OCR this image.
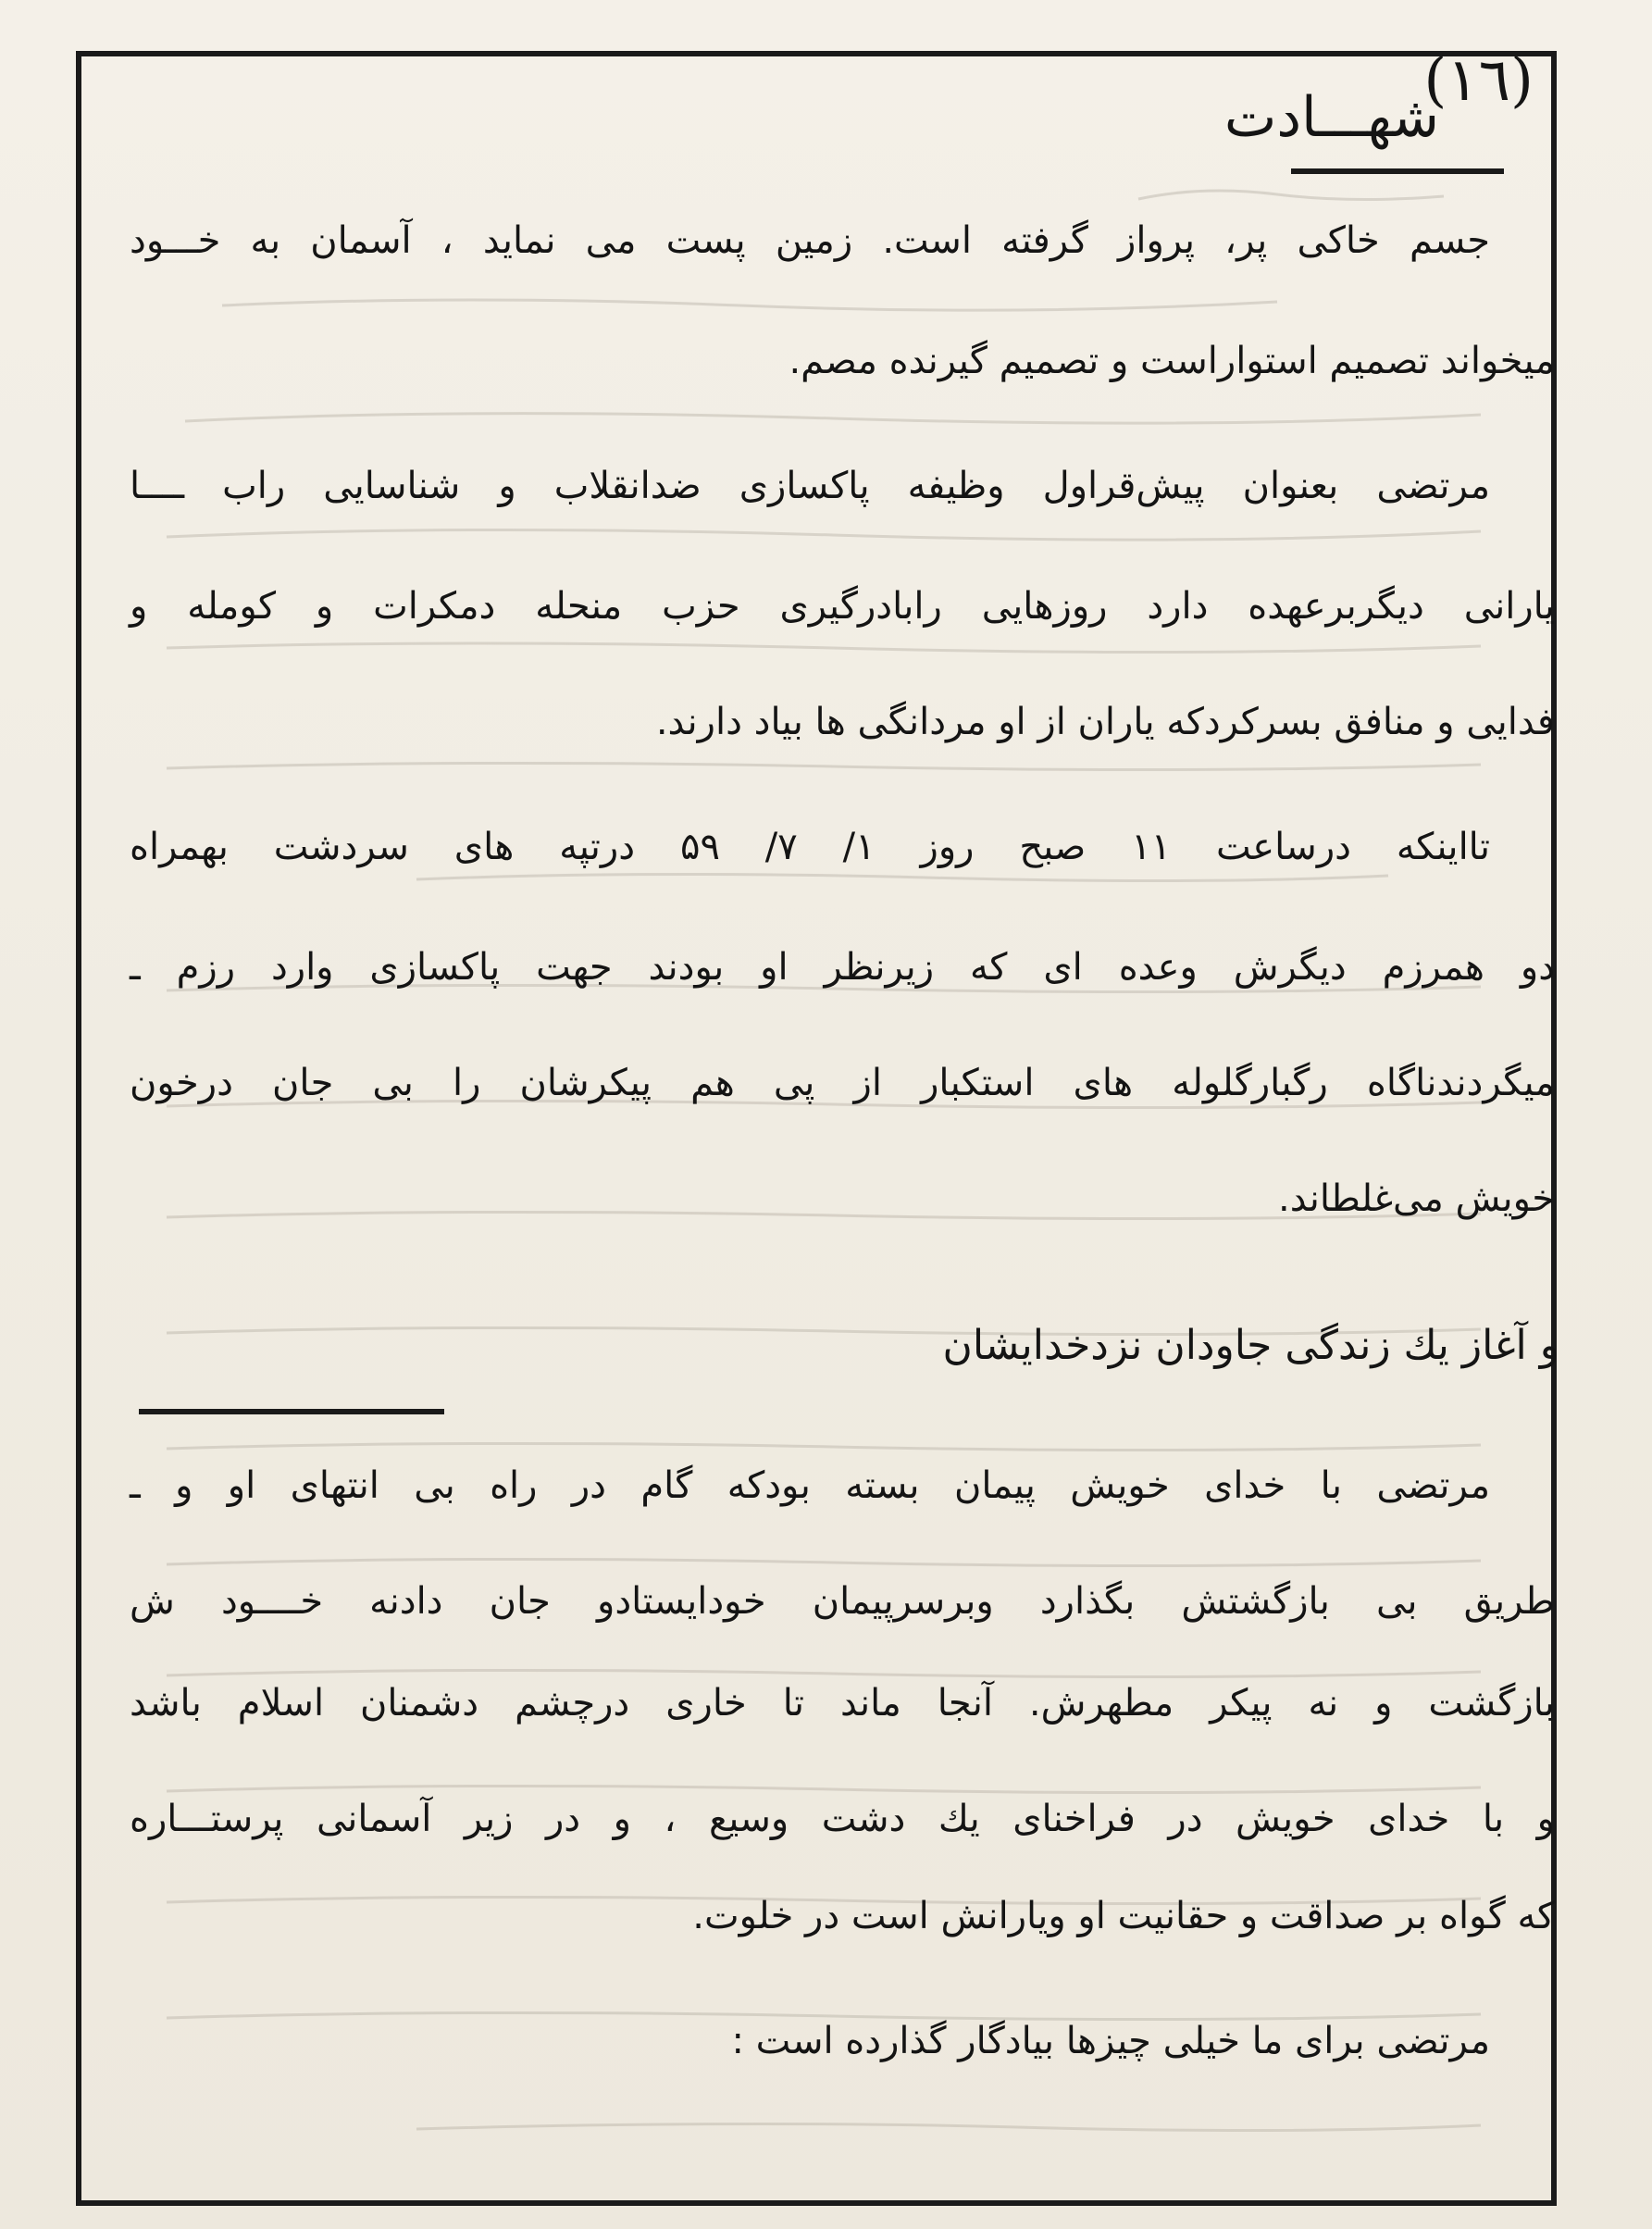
(١٦)
شهـــادت
جسم خاکی پر، پرواز گرفته است. زمین پست می نماید ، آسمان به خـــود
میخواند تصمیم استواراست و تصمیم گیرنده مصم.
مرتضی بعنوان پیش‌قراول وظیفه پاکسازی ضدانقلاب و شناسایی راب ــــا
یارانی دیگربرعهده دارد روزهایی رابادرگیری حزب منحله دمکرات و کومله و
فدایی و منافق بسرکردکه یاران از او مردانگی ها بیاد دارند.
تااینکه درساعت ۱۱ صبح روز ۱/ ۷/ ۵۹ درتپه های سردشت بهمراه
دو همرزم دیگرش وعده ای که زیرنظر او بودند جهت پاکسازی وارد رزم ـ
میگردندناگاه رگبارگلوله های استکبار از پی هم پیکرشان را بی جان درخون
خویش می‌غلطاند.
و آغاز یك زندگی جاودان نزدخدایشان
مرتضی با خدای خویش پیمان بسته بودکه گام در راه بی انتهای او و ـ
طریق بی بازگشتش بگذارد وبرسرپیمان خودایستادو جان دادنه خــــود ش
بازگشت و نه پیکر مطهرش. آنجا ماند تا خاری درچشم دشمنان اسلام باشد
و با خدای خویش در فراخنای یك دشت وسیع ، و در زیر آسمانی پرستـــاره
که گواه بر صداقت و حقانیت او ویارانش است در خلوت.
مرتضی برای ما خیلی چیزها بیادگار گذارده است :
